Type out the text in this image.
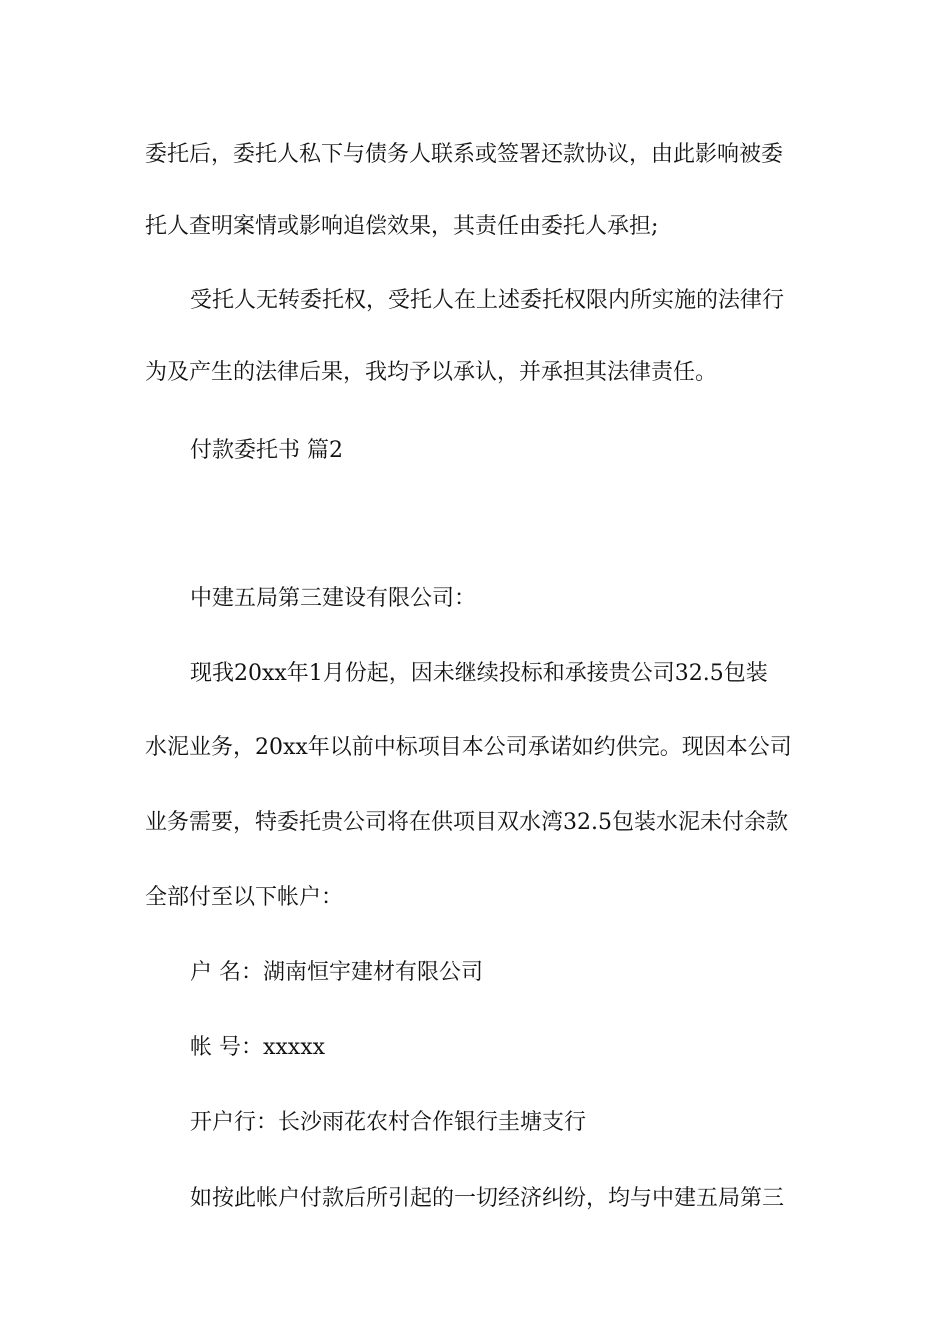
委托后，委托人私下与债务人联系或签署还款协议，由此影响被委
托人查明案情或影响追偿效果，其责任由委托人承担;
受托人无转委托权，受托人在上述委托权限内所实施的法律行
为及产生的法律后果，我均予以承认，并承担其法律责任。
付款委托书 篇2
中建五局第三建设有限公司：
现我20xx年1月份起，因未继续投标和承接贵公司32.5包装
水泥业务，20xx年以前中标项目本公司承诺如约供完。现因本公司
业务需要，特委托贵公司将在供项目双水湾32.5包装水泥未付余款
全部付至以下帐户：
户 名：湖南恒宇建材有限公司
帐 号：xxxxx
开户行：长沙雨花农村合作银行圭塘支行
如按此帐户付款后所引起的一切经济纠纷，均与中建五局第三
